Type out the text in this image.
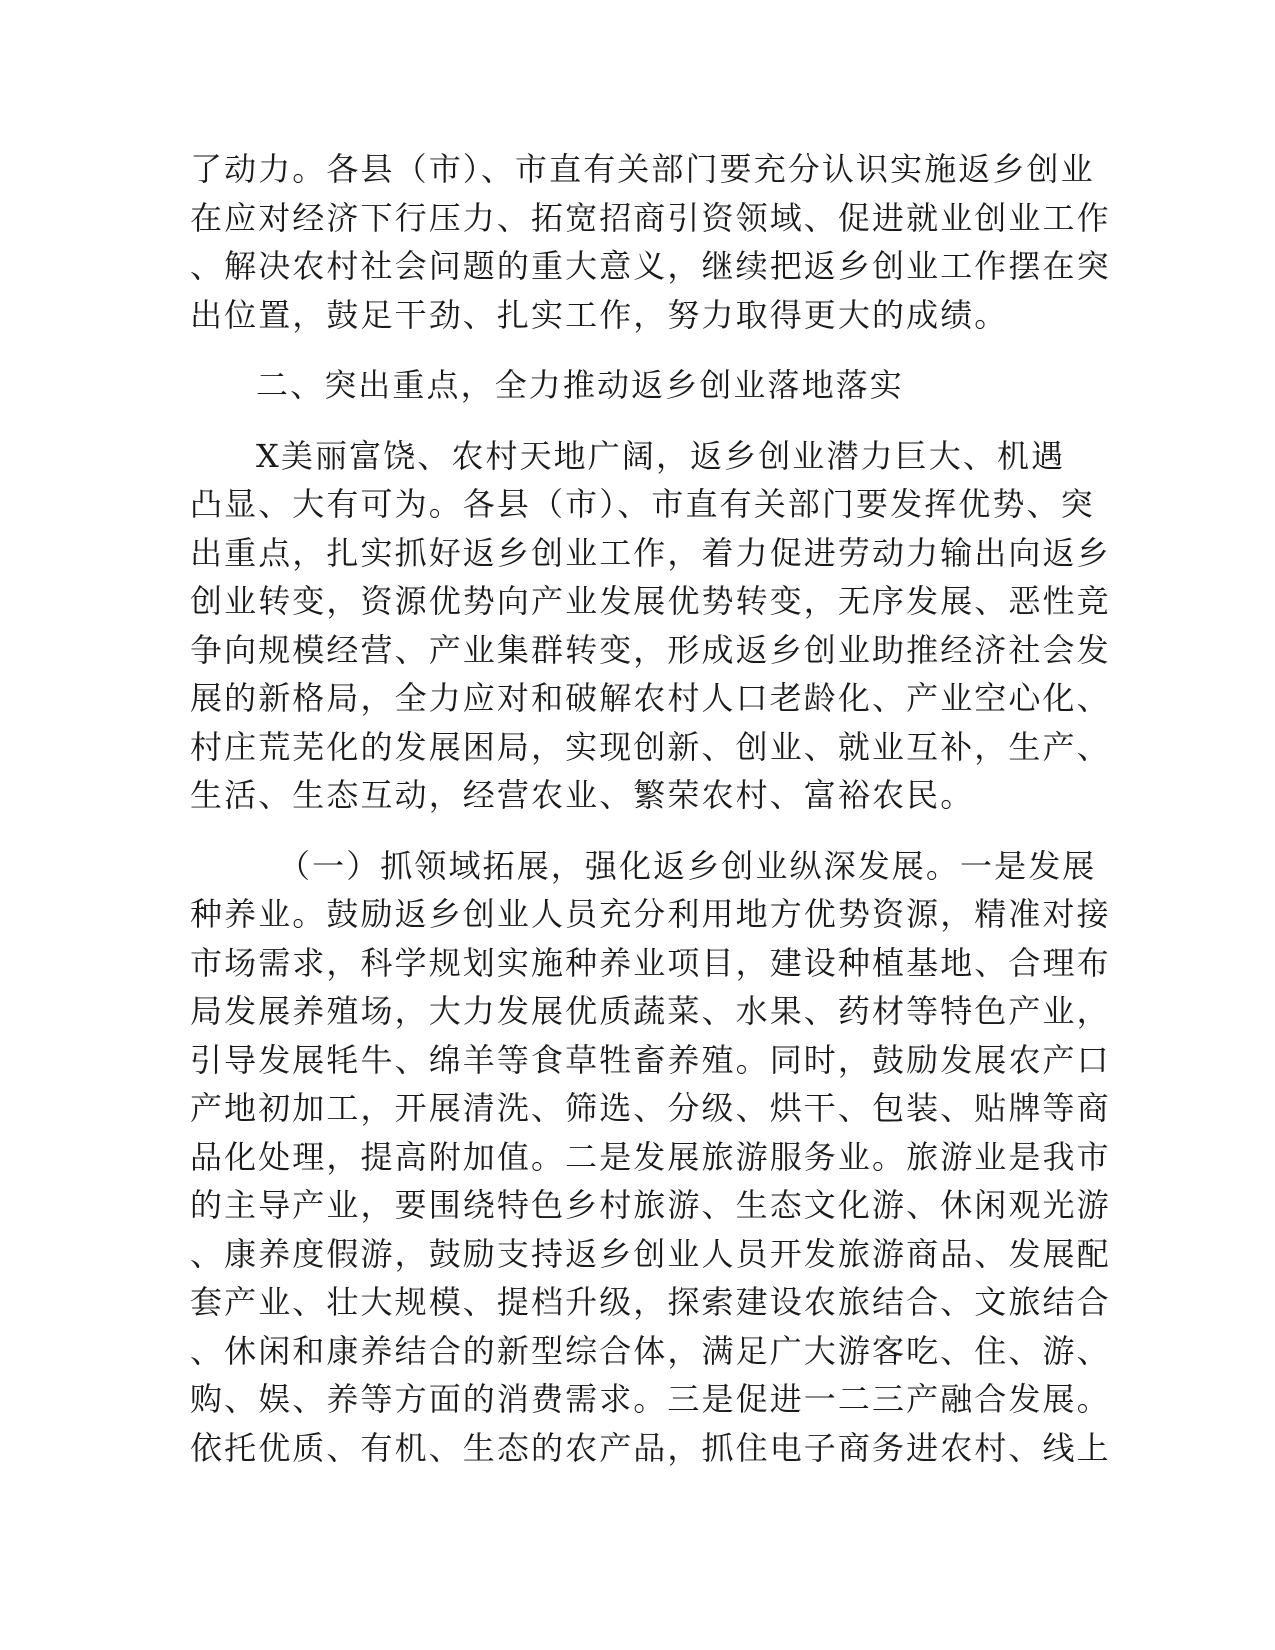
了动力。各县（市）、市直有关部门要充分认识实施返乡创业
在应对经济下行压力、拓宽招商引资领域、促进就业创业工作
、解决农村社会问题的重大意义，继续把返乡创业工作摆在突
出位置，鼓足干劲、扎实工作，努力取得更大的成绩。
二、突出重点，全力推动返乡创业落地落实
X美丽富饶、农村天地广阔，返乡创业潜力巨大、机遇
凸显、大有可为。各县（市）、市直有关部门要发挥优势、突
出重点，扎实抓好返乡创业工作，着力促进劳动力输出向返乡
创业转变，资源优势向产业发展优势转变，无序发展、恶性竞
争向规模经营、产业集群转变，形成返乡创业助推经济社会发
展的新格局，全力应对和破解农村人口老龄化、产业空心化、
村庄荒芜化的发展困局，实现创新、创业、就业互补，生产、
生活、生态互动，经营农业、繁荣农村、富裕农民。
（一）抓领域拓展，强化返乡创业纵深发展。一是发展
种养业。鼓励返乡创业人员充分利用地方优势资源，精准对接
市场需求，科学规划实施种养业项目，建设种植基地、合理布
局发展养殖场，大力发展优质蔬菜、水果、药材等特色产业，
引导发展牦牛、绵羊等食草牲畜养殖。同时，鼓励发展农产口
产地初加工，开展清洗、筛选、分级、烘干、包装、贴牌等商
品化处理，提高附加值。二是发展旅游服务业。旅游业是我市
的主导产业，要围绕特色乡村旅游、生态文化游、休闲观光游
、康养度假游，鼓励支持返乡创业人员开发旅游商品、发展配
套产业、壮大规模、提档升级，探索建设农旅结合、文旅结合
、休闲和康养结合的新型综合体，满足广大游客吃、住、游、
购、娱、养等方面的消费需求。三是促进一二三产融合发展。
依托优质、有机、生态的农产品，抓住电子商务进农村、线上
